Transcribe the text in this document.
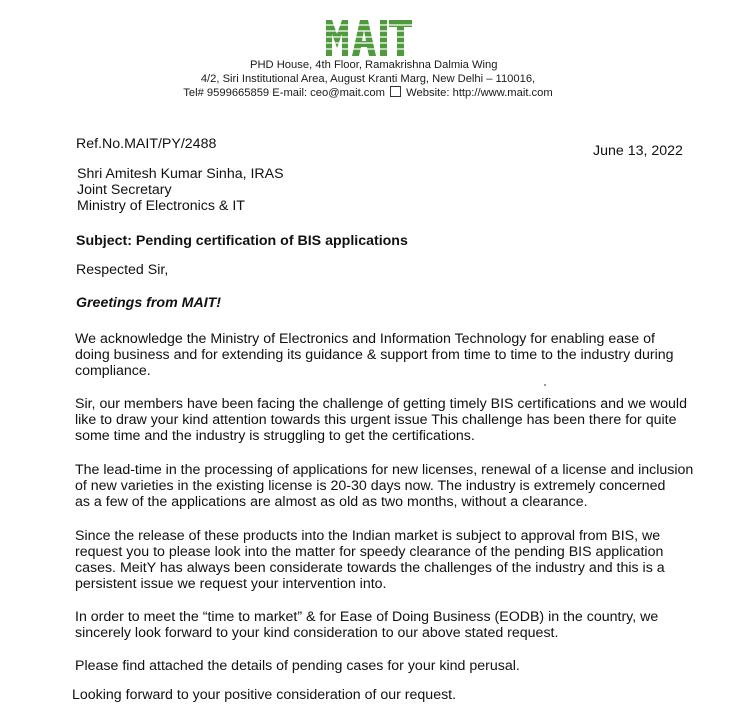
PHD House, 4th Floor, Ramakrishna Dalmia Wing
4/2, Siri Institutional Area, August Kranti Marg, New Delhi – 110016,
Tel# 9599665859 E-mail: ceo@mait.com Website: http://www.mait.com
Ref.No.MAIT/PY/2488	June 13, 2022
Shri Amitesh Kumar Sinha, IRAS
Joint Secretary
Ministry of Electronics & IT
Subject: Pending certification of BIS applications
Respected Sir,
Greetings from MAIT!
We acknowledge the Ministry of Electronics and Information Technology for enabling ease of
doing business and for extending its guidance & support from time to time to the industry during
compliance.
Sir, our members have been facing the challenge of getting timely BIS certifications and we would
like to draw your kind attention towards this urgent issue This challenge has been there for quite
some time and the industry is struggling to get the certifications.
The lead-time in the processing of applications for new licenses, renewal of a license and inclusion
of new varieties in the existing license is 20-30 days now. The industry is extremely concerned
as a few of the applications are almost as old as two months, without a clearance.
Since the release of these products into the Indian market is subject to approval from BIS, we
request you to please look into the matter for speedy clearance of the pending BIS application
cases. MeitY has always been considerate towards the challenges of the industry and this is a
persistent issue we request your intervention into.
In order to meet the “time to market” & for Ease of Doing Business (EODB) in the country, we
sincerely look forward to your kind consideration to our above stated request.
Please find attached the details of pending cases for your kind perusal.
Looking forward to your positive consideration of our request.
